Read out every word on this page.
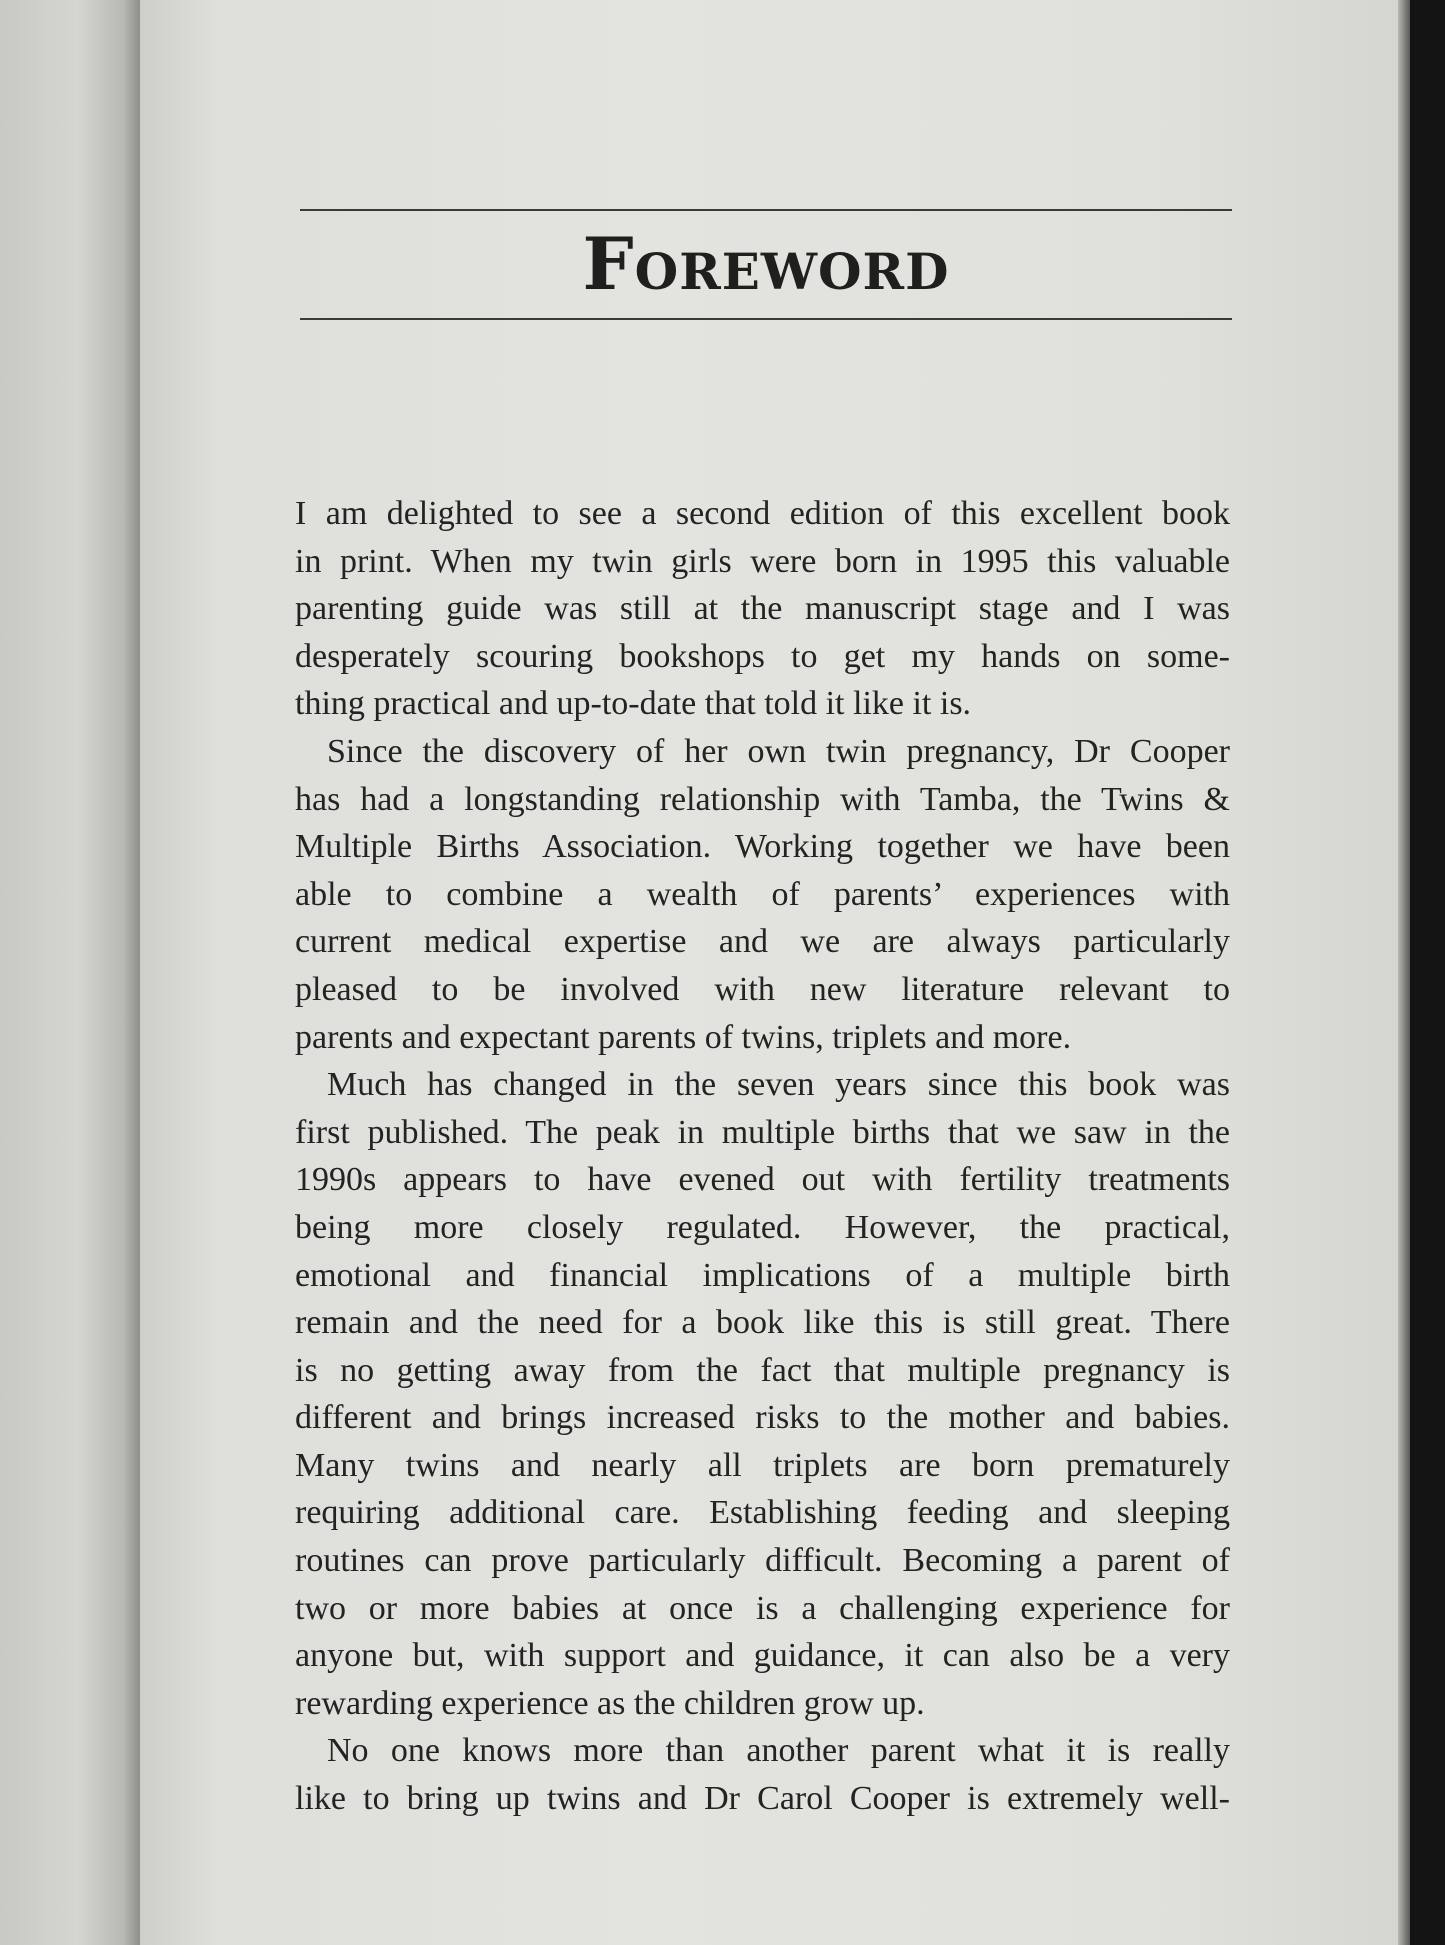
Foreword
I am delighted to see a second edition of this excellent book
in print. When my twin girls were born in 1995 this valuable
parenting guide was still at the manuscript stage and I was
desperately scouring bookshops to get my hands on some-
thing practical and up-to-date that told it like it is.
Since the discovery of her own twin pregnancy, Dr Cooper
has had a longstanding relationship with Tamba, the Twins &
Multiple Births Association. Working together we have been
able to combine a wealth of parents’ experiences with
current medical expertise and we are always particularly
pleased to be involved with new literature relevant to
parents and expectant parents of twins, triplets and more.
Much has changed in the seven years since this book was
first published. The peak in multiple births that we saw in the
1990s appears to have evened out with fertility treatments
being more closely regulated. However, the practical,
emotional and financial implications of a multiple birth
remain and the need for a book like this is still great. There
is no getting away from the fact that multiple pregnancy is
different and brings increased risks to the mother and babies.
Many twins and nearly all triplets are born prematurely
requiring additional care. Establishing feeding and sleeping
routines can prove particularly difficult. Becoming a parent of
two or more babies at once is a challenging experience for
anyone but, with support and guidance, it can also be a very
rewarding experience as the children grow up.
No one knows more than another parent what it is really
like to bring up twins and Dr Carol Cooper is extremely well-
